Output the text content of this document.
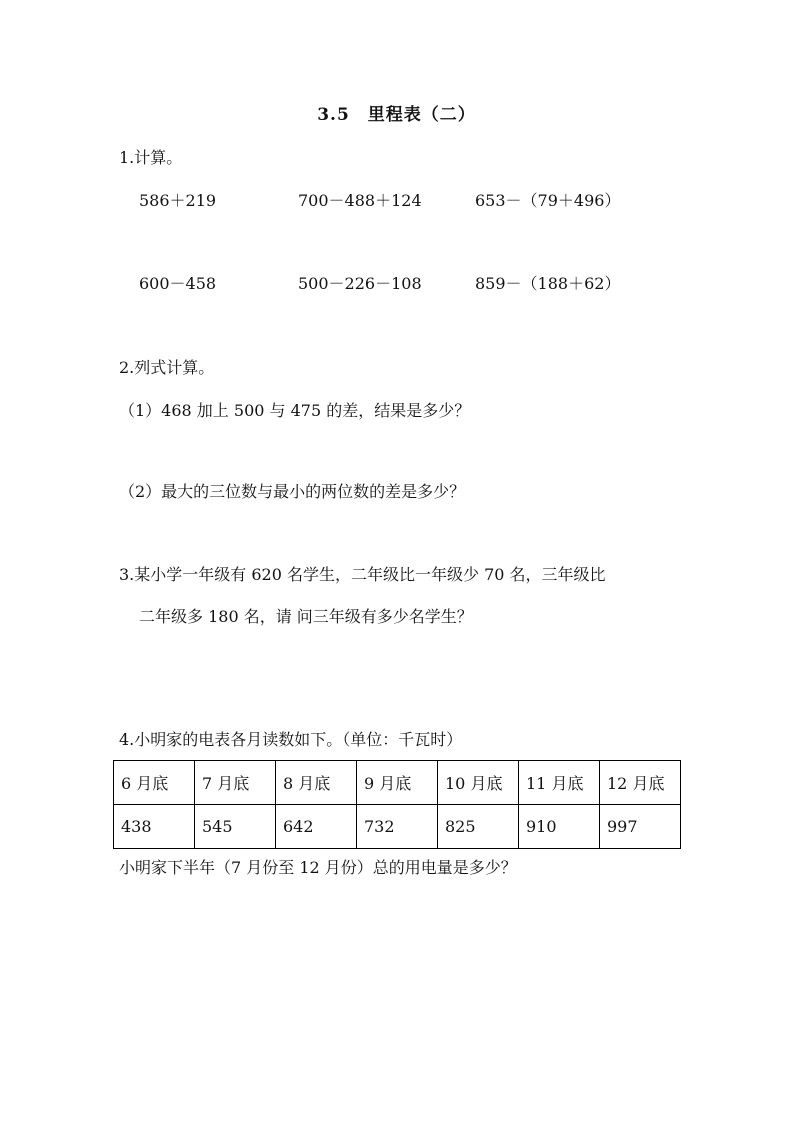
3.5　里程表（二）
1.计算。
586＋219	700－488＋124	653－（79＋496）
600－458	500－226－108	859－（188＋62）
2.列式计算。
（1）468 加上 500 与 475 的差，结果是多少？
（2）最大的三位数与最小的两位数的差是多少？
3.某小学一年级有 620 名学生，二年级比一年级少 70 名，三年级比
二年级多 180 名，请 问三年级有多少名学生？
4.小明家的电表各月读数如下。（单位：千瓦时）
6 月底	7 月底	8 月底	9 月底	10 月底	11 月底	12 月底
438	545	642	732	825	910	997
小明家下半年（7 月份至 12 月份）总的用电量是多少？
